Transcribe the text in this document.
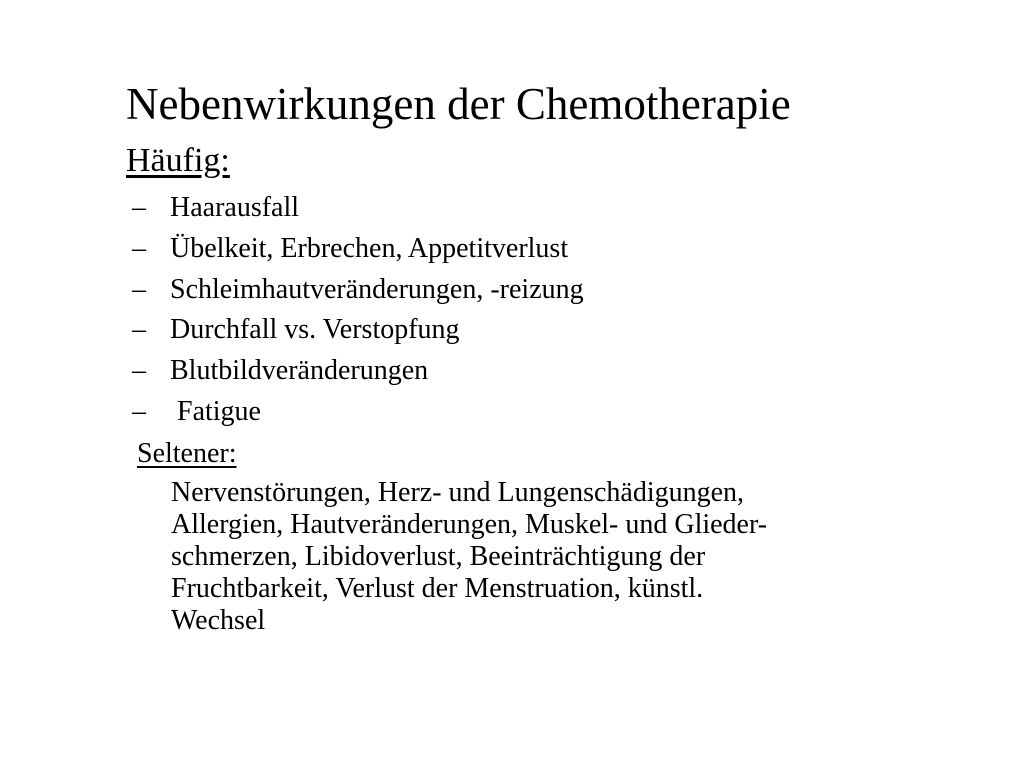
Nebenwirkungen der Chemotherapie
Häufig:
– Haarausfall
– Übelkeit, Erbrechen, Appetitverlust
– Schleimhautveränderungen, -reizung
– Durchfall vs. Verstopfung
– Blutbildveränderungen
– Fatigue
Seltener:

Nervenstörungen, Herz- und Lungenschädigungen,
Allergien, Hautveränderungen, Muskel- und Glieder-
schmerzen, Libidoverlust, Beeinträchtigung der
Fruchtbarkeit, Verlust der Menstruation, künstl.
Wechsel
